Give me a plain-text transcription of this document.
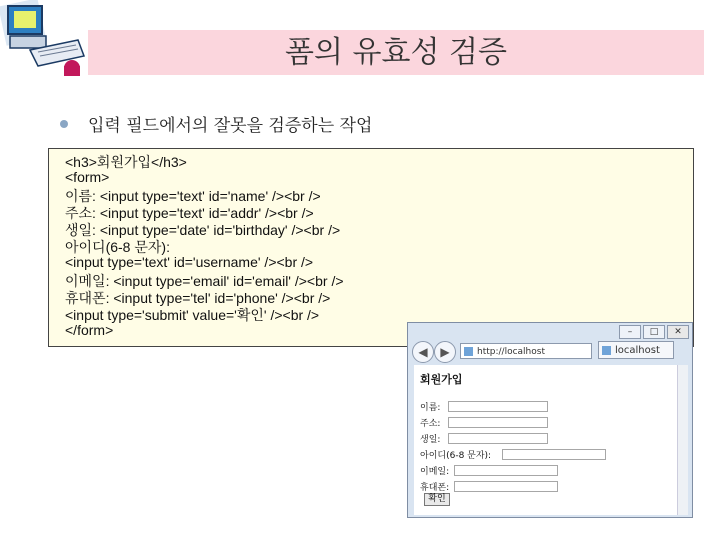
폼의 유효성 검증
입력 필드에서의 잘못을 검증하는 작업
<h3>회원가입</h3>
<form>
이름: <input type='text' id='name' /><br />
주소: <input type='text' id='addr' /><br />
생일: <input type='date' id='birthday' /><br />
아이디(6-8 문자):
<input type='text' id='username' /><br />
이메일: <input type='email' id='email' /><br />
휴대폰: <input type='tel' id='phone' /><br />
<input type='submit' value='확인' /><br />
</form>	–	□	✕
◀	▶	http://localhost	localhost
회원가입
이름:
주소:
생일:
아이디(6-8 문자):
이메일:
휴대폰:
확인
